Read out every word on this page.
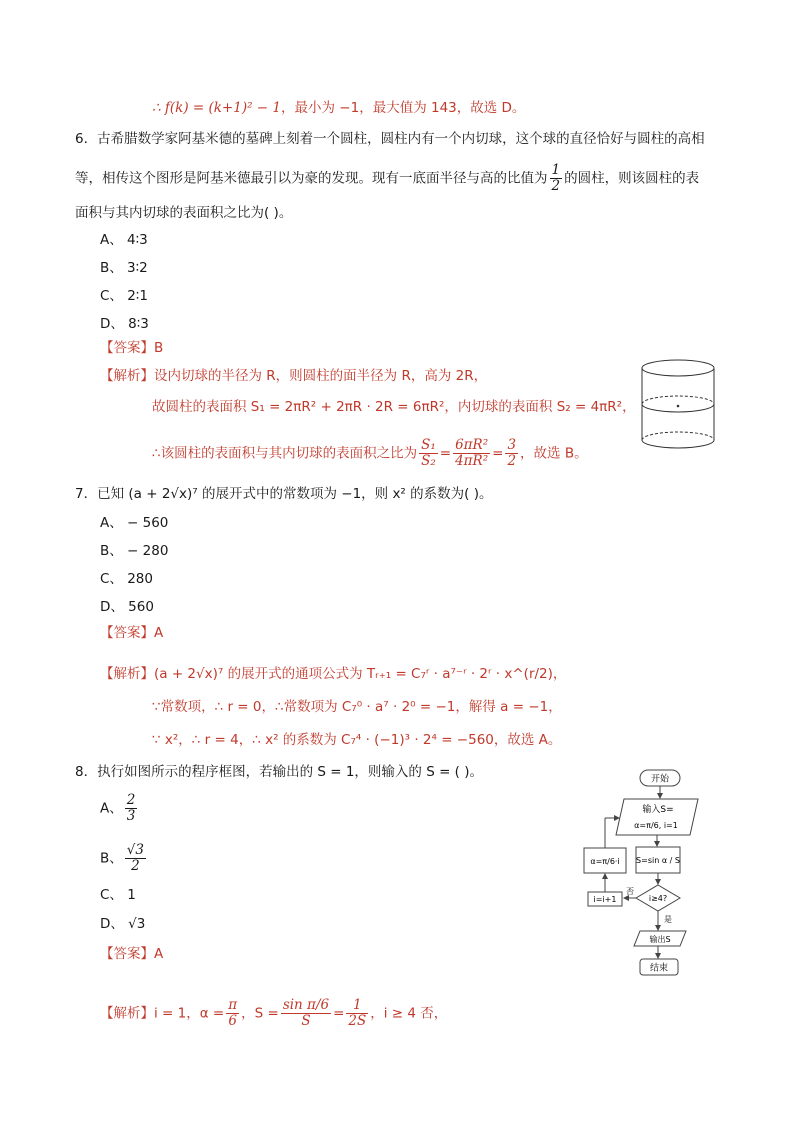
∴ f(k) = (k+1)² − 1，最小为 −1，最大值为 143，故选 D。
6．古希腊数学家阿基米德的墓碑上刻着一个圆柱，圆柱内有一个内切球，这个球的直径恰好与圆柱的高相
等，相传这个图形是阿基米德最引以为豪的发现。现有一底面半径与高的比值为 $\frac{1}{2}$ 的圆柱，则该圆柱的表
面积与其内切球的表面积之比为( )。
A、 4∶3
B、 3∶2
C、 2∶1
D、 8∶3
【答案】B
【解析】设内切球的半径为 R，则圆柱的面半径为 R，高为 2R，
故圆柱的表面积 S₁ = 2πR² + 2πR · 2R = 6πR²，内切球的表面积 S₂ = 4πR²，
∴该圆柱的表面积与其内切球的表面积之比为 $\frac{\text{S₁}}{\text{S₂}} = \frac{\text{6πR²}}{\text{4πR²}} = \frac{3}{2}$ ，故选 B。
7．已知 (a + 2√x)⁷ 的展开式中的常数项为 −1，则 x² 的系数为( )。
A、 − 560
B、 − 280
C、 280
D、 560
【答案】A
【解析】(a + 2√x)⁷ 的展开式的通项公式为 Tᵣ₊₁ = C₇ʳ · a⁷⁻ʳ · 2ʳ · x^(r/2)，
∵常数项，∴ r = 0，∴常数项为 C₇⁰ · a⁷ · 2⁰ = −1，解得 a = −1，
∵ x²，∴ r = 4，∴ x² 的系数为 C₇⁴ · (−1)³ · 2⁴ = −560，故选 A。
8．执行如图所示的程序框图，若输出的 S = 1，则输入的 S = ( )。
A、 $\frac{2}{3}$
B、 $\frac{√3}{2}$
C、 1
D、 √3
【答案】A
【解析】i = 1，$\alpha = \frac{\pi}{6}$ ，$S = \frac{\text{sin π/6}}{S} = \frac{1}{2S}$ ，i ≥ 4 否，
开始
输入S=
α=π/6, i=1
S=sin α / S
i≥4?
否
i=i+1
α=π/6·i
是
输出S
结束
